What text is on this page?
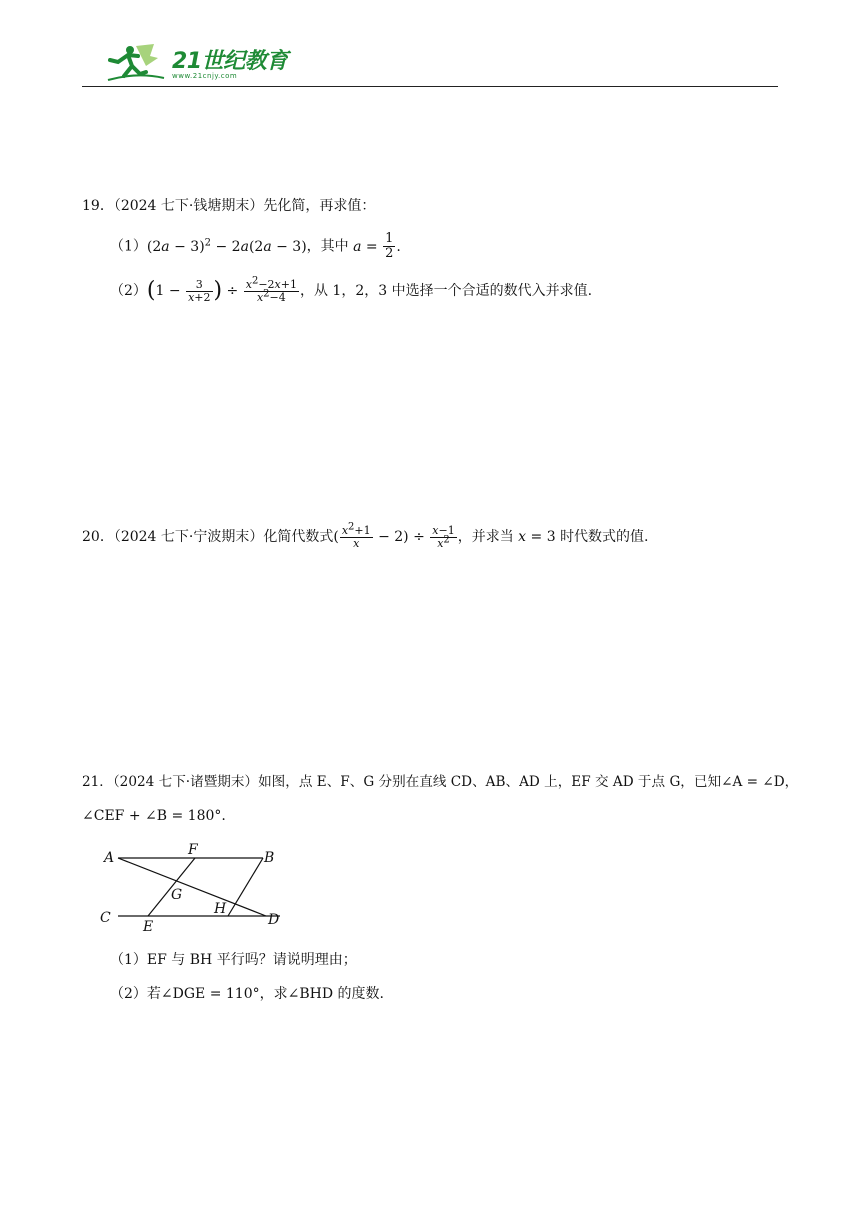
21世纪教育
www.21cnjy.com
19．（2024 七下·钱塘期末）先化简，再求值：
$(1)(2a - 3)^2 - 2a(2a - 3)$，其中 $a = \frac{1}{2}$ .
$(2)(1 - \frac{3}{x+2}$ ) ÷ $\frac{x^2-2x+1}{x^2-4}$ ，从 1，2，3 中选择一个合适的数代入并求值.
20．（2024 七下·宁波期末）化简代数式( $\frac{x^2+1}{x} - 2) \div \frac{x-1}{x^2}$ ，并求当 x = 3 时代数式的值.
21．（2024 七下·诸暨期末）如图，点 E、F、G 分别在直线 CD、AB、AD 上，EF 交 AD 于点 G，已知∠A = ∠D，
∠CEF + ∠B = 180°.
A	F	B
G
H
C
E	D
（1）EF 与 BH 平行吗？请说明理由；
（2）若∠DGE = 110°，求∠BHD 的度数.
